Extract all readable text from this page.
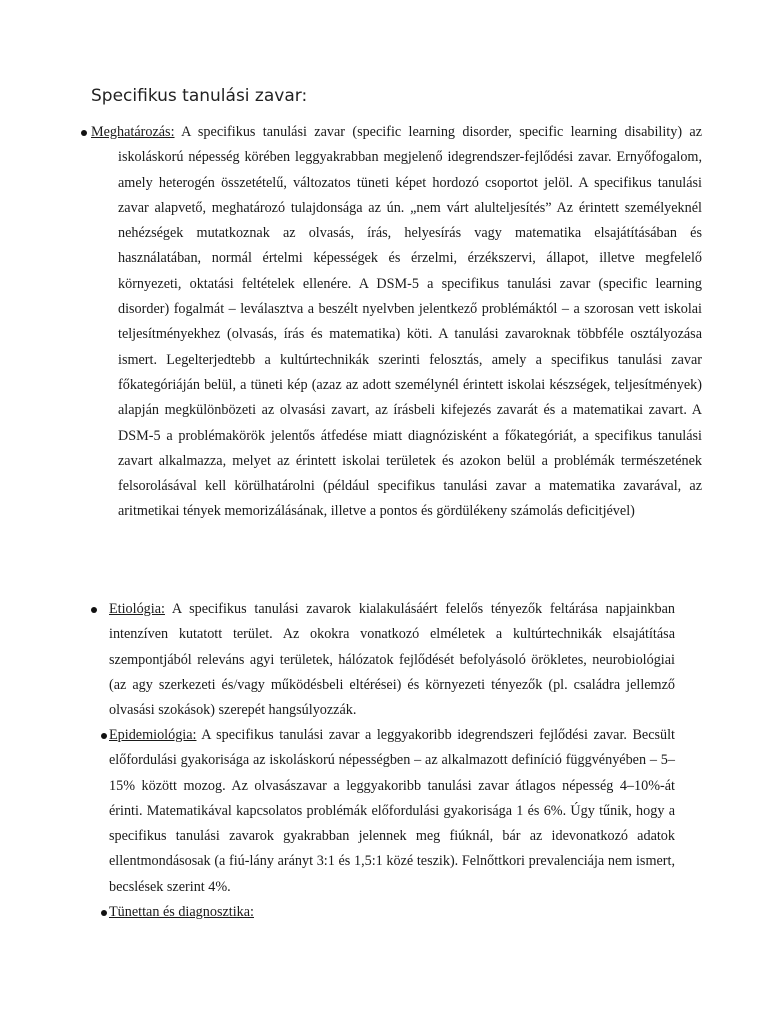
Specifikus tanulási zavar:
Meghatározás: A specifikus tanulási zavar (specific learning disorder, specific learning disability) az iskoláskorú népesség körében leggyakrabban megjelenő idegrendszer-fejlődési zavar. Ernyőfogalom, amely heterogén összetételű, változatos tüneti képet hordozó csoportot jelöl. A specifikus tanulási zavar alapvető, meghatározó tulajdonsága az ún. „nem várt alulteljesítés” Az érintett személyeknél nehézségek mutatkoznak az olvasás, írás, helyesírás vagy matematika elsajátításában és használatában, normál értelmi képességek és érzelmi, érzékszervi, állapot, illetve megfelelő környezeti, oktatási feltételek ellenére. A DSM-5 a specifikus tanulási zavar (specific learning disorder) fogalmát – leválasztva a beszélt nyelvben jelentkező problémáktól – a szorosan vett iskolai teljesítményekhez (olvasás, írás és matematika) köti. A tanulási zavaroknak többféle osztályozása ismert. Legelterjedtebb a kultúrtechnikák szerinti felosztás, amely a specifikus tanulási zavar főkategóriáján belül, a tüneti kép (azaz az adott személynél érintett iskolai készségek, teljesítmények) alapján megkülönbözeti az olvasási zavart, az írásbeli kifejezés zavarát és a matematikai zavart. A DSM-5 a problémakörök jelentős átfedése miatt diagnózisként a főkategóriát, a specifikus tanulási zavart alkalmazza, melyet az érintett iskolai területek és azokon belül a problémák természetének felsorolásával kell körülhatárolni (például specifikus tanulási zavar a matematika zavarával, az aritmetikai tények memorizálásának, illetve a pontos és gördülékeny számolás deficitjével)
Etiológia: A specifikus tanulási zavarok kialakulásáért felelős tényezők feltárása napjainkban intenzíven kutatott terület. Az okokra vonatkozó elméletek a kultúrtechnikák elsajátítása szempontjából releváns agyi területek, hálózatok fejlődését befolyásoló örökletes, neurobiológiai (az agy szerkezeti és/vagy működésbeli eltérései) és környezeti tényezők (pl. családra jellemző olvasási szokások) szerepét hangsúlyozzák.
Epidemiológia: A specifikus tanulási zavar a leggyakoribb idegrendszeri fejlődési zavar. Becsült előfordulási gyakorisága az iskoláskorú népességben – az alkalmazott definíció függvényében – 5–15% között mozog. Az olvasászavar a leggyakoribb tanulási zavar átlagos népesség 4–10%-át érinti. Matematikával kapcsolatos problémák előfordulási gyakorisága 1 és 6%. Úgy tűnik, hogy a specifikus tanulási zavarok gyakrabban jelennek meg fiúknál, bár az idevonatkozó adatok ellentmondásosak (a fiú-lány arányt 3:1 és 1,5:1 közé teszik). Felnőttkori prevalenciája nem ismert, becslések szerint 4%.
Tünettan és diagnosztika:
